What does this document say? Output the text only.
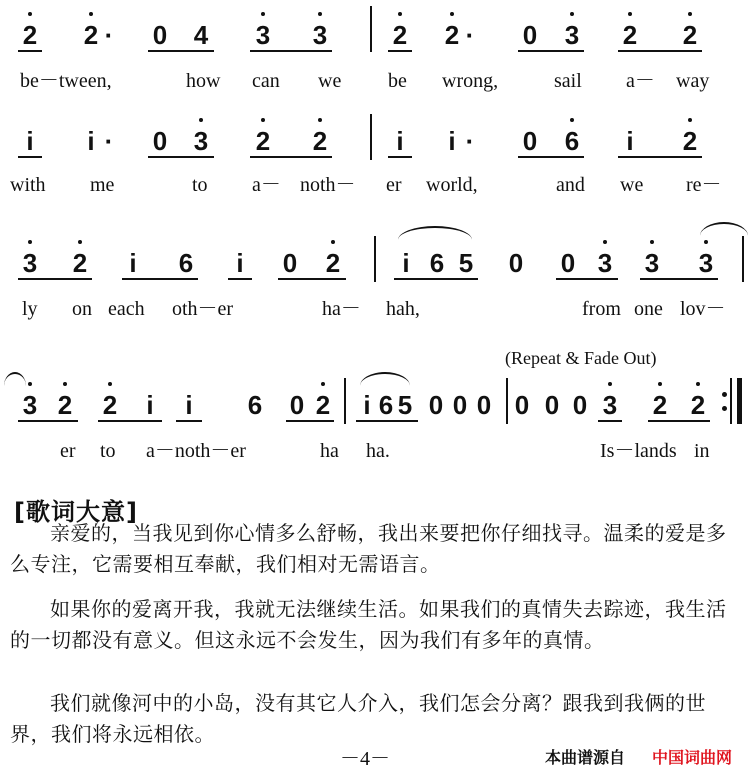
2 2 · 0 4 3 3	2 2 · 0 3 2 2
be－tween,	how can we be wrong,	sail a－ way
i i · 0 3 2 2	i i · 0 6 i 2
with me	to a－ noth－ er world,	and we re－
3 2 i 6 i 0 2 i 6 5 0 0 3 3 3
ly on each oth－er	ha－ hah,	from one lov－
(Repeat & Fade Out)
3 2 2 i i 6 0 2 i 6 5 0 0 0 0 0 0 3 2 2
er to a－noth－er	ha ha.	Is－lands in
[歌词大意]

亲爱的，当我见到你心情多么舒畅，我出来要把你仔细找寻。温柔的爱是多么专注，它需要相互奉献，我们相对无需语言。

如果你的爱离开我，我就无法继续生活。如果我们的真情失去踪迹，我生活的一切都没有意义。但这永远不会发生，因为我们有多年的真情。

我们就像河中的小岛，没有其它人介入，我们怎会分离？跟我到我俩的世界，我们将永远相依。

－4－	本曲谱源自 中国词曲网
